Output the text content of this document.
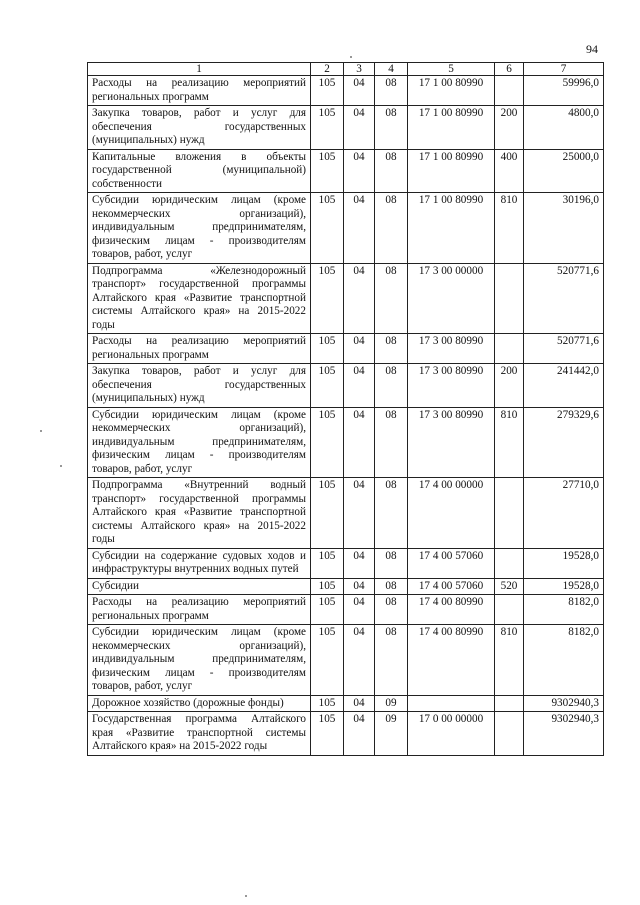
94
1	2	3	4	5	6	7
Расходы на реализацию мероприятий региональных программ	105	04	08	17 1 00 80990		59996,0
Закупка товаров, работ и услуг для обеспечения государственных (муниципальных) нужд	105	04	08	17 1 00 80990	200	4800,0
Капитальные вложения в объекты государственной (муниципальной) собственности	105	04	08	17 1 00 80990	400	25000,0
Субсидии юридическим лицам (кроме некоммерческих организаций), индивидуальным предпринимателям, физическим лицам - производителям товаров, работ, услуг	105	04	08	17 1 00 80990	810	30196,0
Подпрограмма «Железнодорожный транспорт» государственной программы Алтайского края «Развитие транспортной системы Алтайского края» на 2015-2022 годы	105	04	08	17 3 00 00000		520771,6
Расходы на реализацию мероприятий региональных программ	105	04	08	17 3 00 80990		520771,6
Закупка товаров, работ и услуг для обеспечения государственных (муниципальных) нужд	105	04	08	17 3 00 80990	200	241442,0
Субсидии юридическим лицам (кроме некоммерческих организаций), индивидуальным предпринимателям, физическим лицам - производителям товаров, работ, услуг	105	04	08	17 3 00 80990	810	279329,6
Подпрограмма «Внутренний водный транспорт» государственной программы Алтайского края «Развитие транспортной системы Алтайского края» на 2015-2022 годы	105	04	08	17 4 00 00000		27710,0
Субсидии на содержание судовых ходов и инфраструктуры внутренних водных путей	105	04	08	17 4 00 57060		19528,0
Субсидии	105	04	08	17 4 00 57060	520	19528,0
Расходы на реализацию мероприятий региональных программ	105	04	08	17 4 00 80990		8182,0
Субсидии юридическим лицам (кроме некоммерческих организаций), индивидуальным предпринимателям, физическим лицам - производителям товаров, работ, услуг	105	04	08	17 4 00 80990	810	8182,0
Дорожное хозяйство (дорожные фонды)	105	04	09			9302940,3
Государственная программа Алтайского края «Развитие транспортной системы Алтайского края» на 2015-2022 годы	105	04	09	17 0 00 00000		9302940,3
